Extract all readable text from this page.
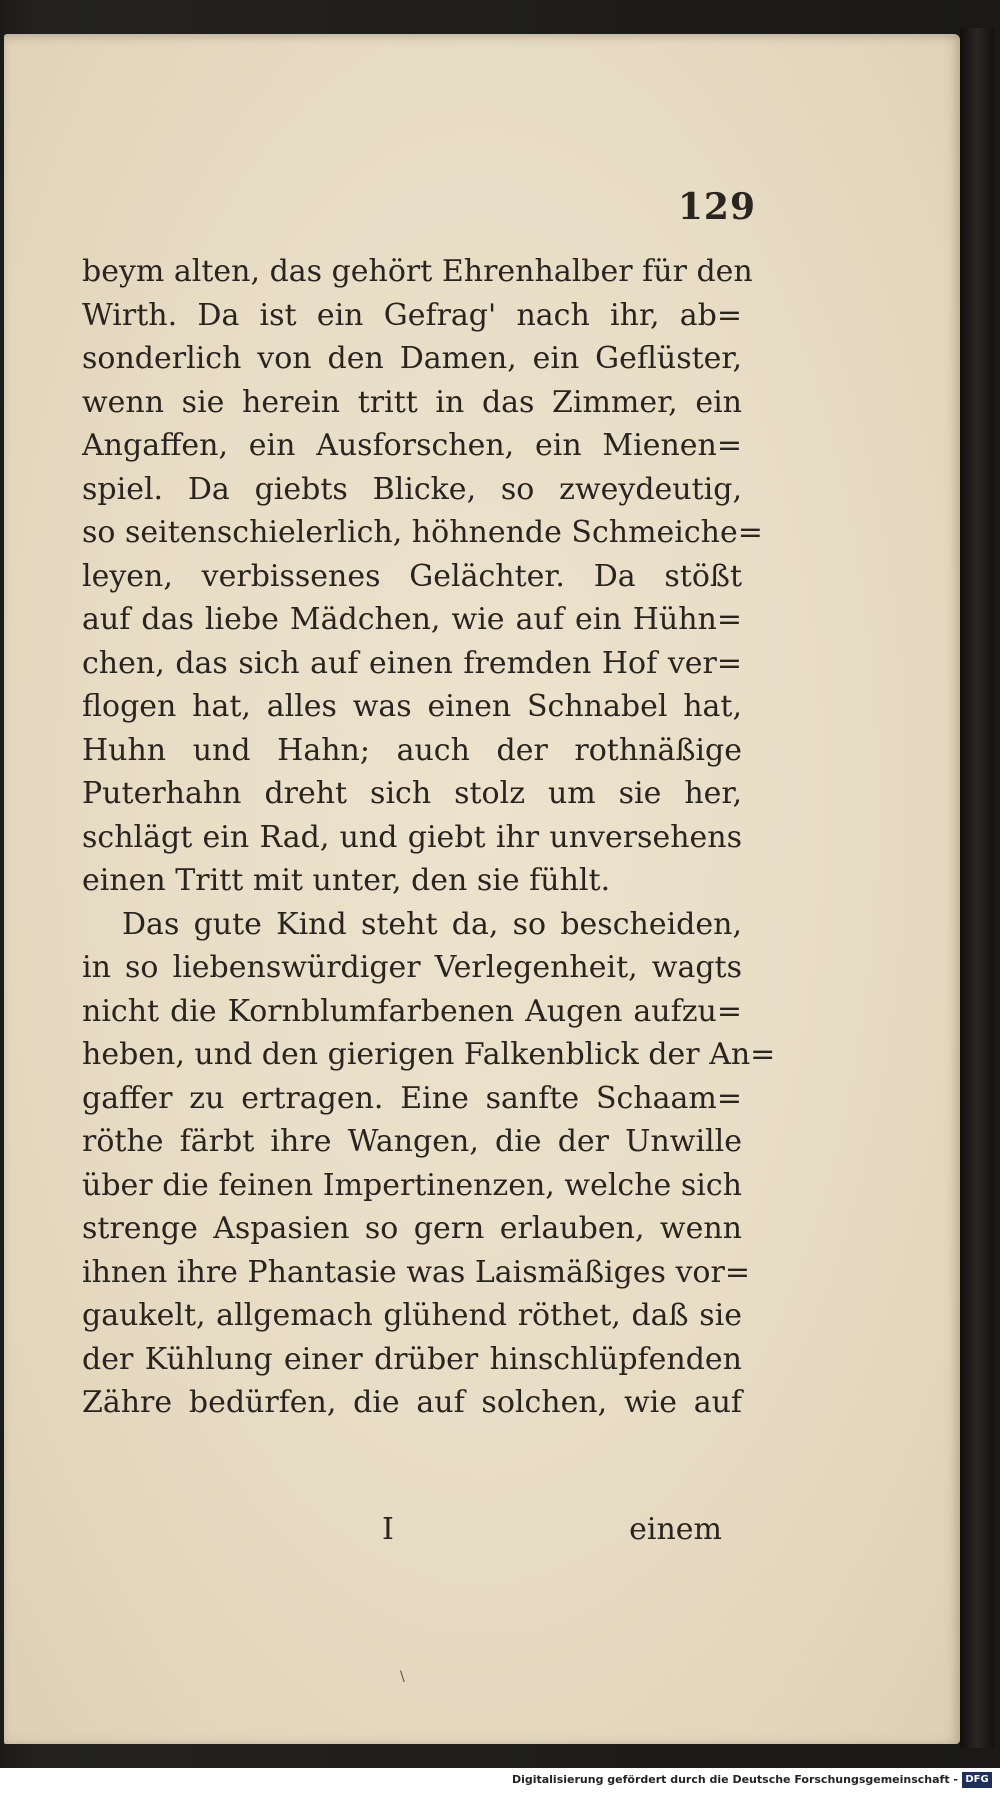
129
beym alten, das gehört Ehrenhalber für den
Wirth. Da ist ein Gefrag' nach ihr, ab=
sonderlich von den Damen, ein Geflüster,
wenn sie herein tritt in das Zimmer, ein
Angaffen, ein Ausforschen, ein Mienen=
spiel. Da giebts Blicke, so zweydeutig,
so seitenschielerlich, höhnende Schmeiche=
leyen, verbissenes Gelächter. Da stößt
auf das liebe Mädchen, wie auf ein Hühn=
chen, das sich auf einen fremden Hof ver=
flogen hat, alles was einen Schnabel hat,
Huhn und Hahn; auch der rothnäßige
Puterhahn dreht sich stolz um sie her,
schlägt ein Rad, und giebt ihr unversehens
einen Tritt mit unter, den sie fühlt.
Das gute Kind steht da, so bescheiden,
in so liebenswürdiger Verlegenheit, wagts
nicht die Kornblumfarbenen Augen aufzu=
heben, und den gierigen Falkenblick der An=
gaffer zu ertragen. Eine sanfte Schaam=
röthe färbt ihre Wangen, die der Unwille
über die feinen Impertinenzen, welche sich
strenge Aspasien so gern erlauben, wenn
ihnen ihre Phantasie was Laismäßiges vor=
gaukelt, allgemach glühend röthet, daß sie
der Kühlung einer drüber hinschlüpfenden
Zähre bedürfen, die auf solchen, wie auf
I	einem
\
Digitalisierung gefördert durch die Deutsche Forschungsgemeinschaft - DFG
